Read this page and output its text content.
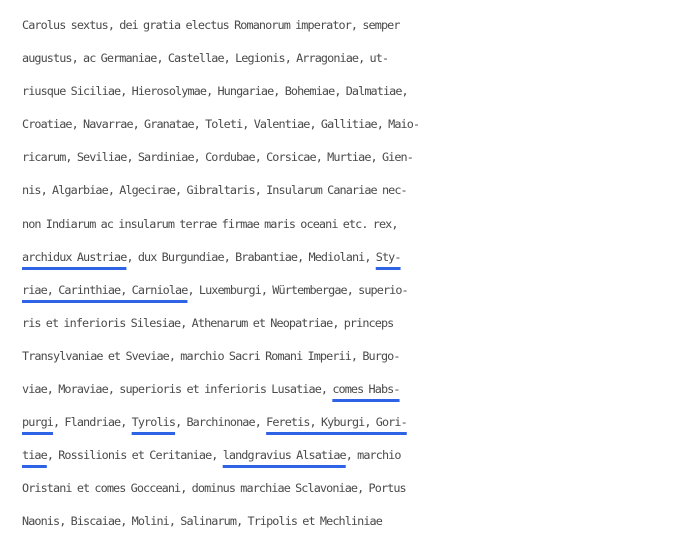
Carolus sextus, dei gratia electus Romanorum imperator, semper
augustus, ac Germaniae, Castellae, Legionis, Arragoniae, ut-
riusque Siciliae, Hierosolymae, Hungariae, Bohemiae, Dalmatiae,
Croatiae, Navarrae, Granatae, Toleti, Valentiae, Gallitiae, Maio-
ricarum, Seviliae, Sardiniae, Cordubae, Corsicae, Murtiae, Gien-
nis, Algarbiae, Algecirae, Gibraltaris, Insularum Canariae nec-
non Indiarum ac insularum terrae firmae maris oceani etc. rex,
archidux Austriae, dux Burgundiae, Brabantiae, Mediolani, Sty-
riae, Carinthiae, Carniolae, Luxemburgi, Würtembergae, superio-
ris et inferioris Silesiae, Athenarum et Neopatriae, princeps
Transylvaniae et Sveviae, marchio Sacri Romani Imperii, Burgo-
viae, Moraviae, superioris et inferioris Lusatiae, comes Habs-
purgi, Flandriae, Tyrolis, Barchinonae, Feretis, Kyburgi, Gori-
tiae, Rossilionis et Ceritaniae, landgravius Alsatiae, marchio
Oristani et comes Gocceani, dominus marchiae Sclavoniae, Portus
Naonis, Biscaiae, Molini, Salinarum, Tripolis et Mechliniae
